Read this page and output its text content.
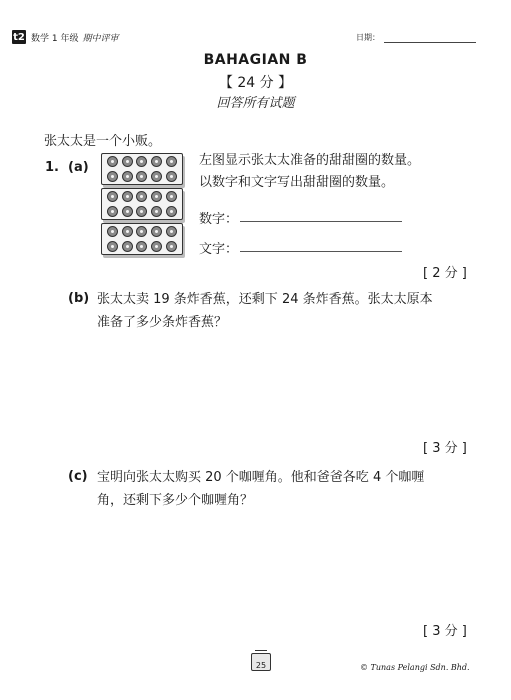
t2 数学 1 年级 期中评审	日期：
BAHAGIAN B
【 24 分 】
回答所有试题
张太太是一个小贩。
1. (a)	左图显示张太太准备的甜甜圈的数量。
以数字和文字写出甜甜圈的数量。
数字：
文字：
[ 2 分 ]
(b) 张太太卖 19 条炸香蕉，还剩下 24 条炸香蕉。张太太原本
准备了多少条炸香蕉？
[ 3 分 ]
(c) 宝明向张太太购买 20 个咖喱角。他和爸爸各吃 4 个咖喱
角，还剩下多少个咖喱角？
[ 3 分 ]
25	© Tunas Pelangi Sdn. Bhd.
